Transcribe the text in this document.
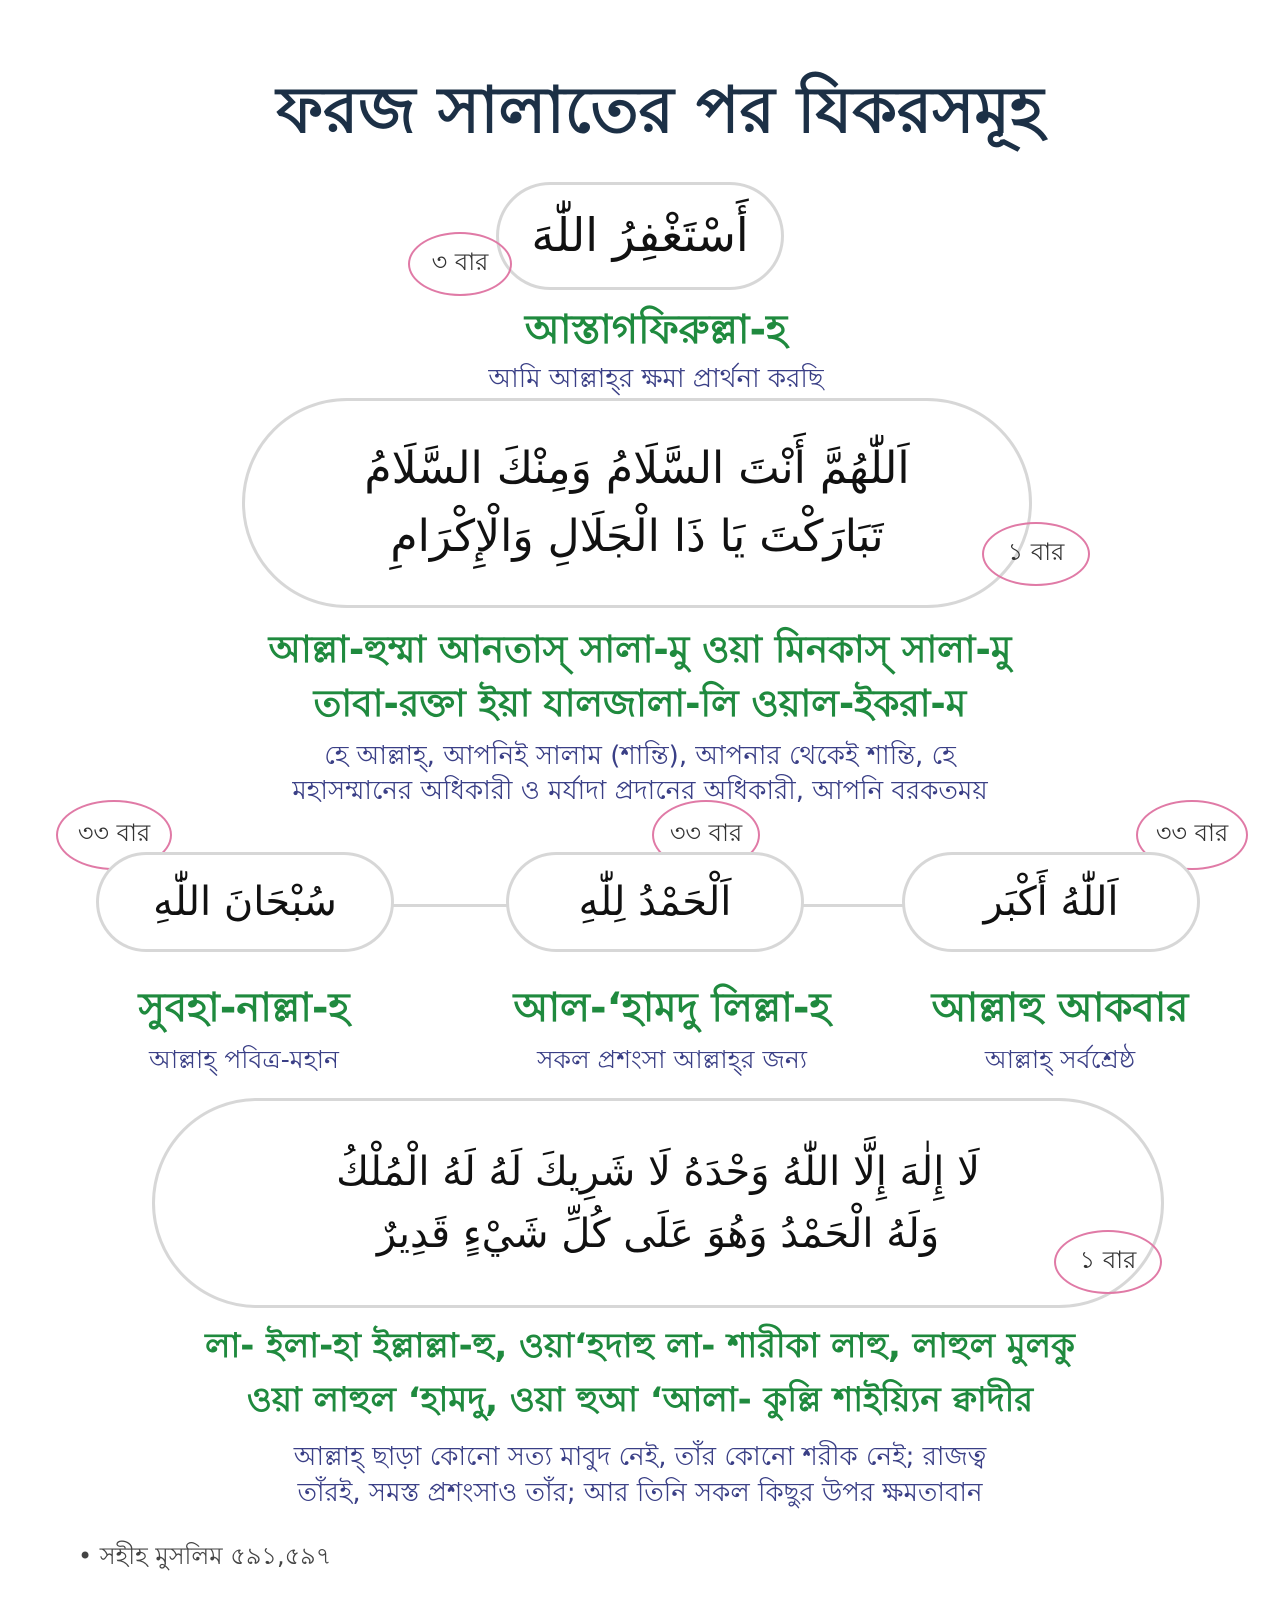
ফরজ সালাতের পর যিকরসমূহ
أَسْتَغْفِرُ اللّٰهَ
৩ বার
আস্তাগফিরুল্লা-হ
আমি আল্লাহ্‌র ক্ষমা প্রার্থনা করছি
اَللّٰهُمَّ أَنْتَ السَّلَامُ وَمِنْكَ السَّلَامُ
تَبَارَكْتَ يَا ذَا الْجَلَالِ وَالْإِكْرَامِ	১ বার
আল্লা-হুম্মা আনতাস্‌ সালা-মু ওয়া মিনকাস্‌ সালা-মু
তাবা-রক্তা ইয়া যালজালা-লি ওয়াল-ইকরা-ম
হে আল্লাহ্‌, আপনিই সালাম (শান্তি), আপনার থেকেই শান্তি, হে
মহাসম্মানের অধিকারী ও মর্যাদা প্রদানের অধিকারী, আপনি বরকতময়
৩৩ বার
سُبْحَانَ اللّٰهِ
সুবহা-নাল্লা-হ
আল্লাহ্‌ পবিত্র-মহান
৩৩ বার
اَلْحَمْدُ لِلّٰهِ
আল-‘হামদু লিল্লা-হ
সকল প্রশংসা আল্লাহ্‌র জন্য
৩৩ বার
اَللّٰهُ أَكْبَر
আল্লাহু আকবার
আল্লাহ্‌ সর্বশ্রেষ্ঠ
لَا إِلٰهَ إِلَّا اللّٰهُ وَحْدَهُ لَا شَرِيكَ لَهُ لَهُ الْمُلْكُ
وَلَهُ الْحَمْدُ وَهُوَ عَلَى كُلِّ شَيْءٍ قَدِيرٌ
১ বার
লা- ইলা-হা ইল্লাল্লা-হু, ওয়া‘হদাহু লা- শারীকা লাহু, লাহুল মুলকু
ওয়া লাহুল ‘হামদু, ওয়া হুআ ‘আলা- কুল্লি শাইয়্যিন ক্বাদীর
আল্লাহ্‌ ছাড়া কোনো সত্য মাবুদ নেই, তাঁর কোনো শরীক নেই; রাজত্ব
তাঁরই, সমস্ত প্রশংসাও তাঁর; আর তিনি সকল কিছুর উপর ক্ষমতাবান
• সহীহ মুসলিম ৫৯১,৫৯৭
